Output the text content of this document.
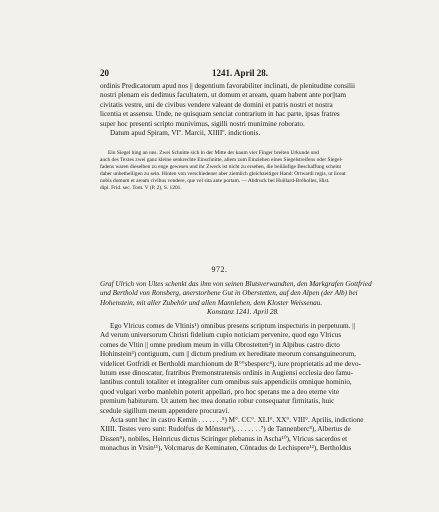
20	1241. April 28.

ordinis Predicatorum apud nos || degentium favorabiliter inclinati, de plenitudine consilii

nostri plenam eis dedimus facultatem, ut domum et aream, quam habent ante por||tam

civitatis vestre, uni de civibus vendere valeant de domini et patris nostri et nostra

licentia et assensu. Unde, ne quisquam senciat contrarium in hac parte, ipsas fratres

super hoc presenti scripto munivimus, sigilli nostri munimine roborato.

Datum apud Spiram, VIº. Marcii, XIIIIº. indictionis.

Ein Siegel hing an uns. Zwei Schnitte sich in der Mitte der kaum vier Finger breiten Urkunde und

auch des Textes zwei ganz kleine senkrechte Einschnitte, allem zum Einziehen eines Siegelstreifens oder Siegel-

fadens waren dieselben zu enge gewesen und ihr Zweck ist nicht zu ersehen, die beiläufige Beschaffung scheint

daher unbetheiligen zu sein. Hinten von verschiedener aber ziemlich gleichzeitiger Hand: Ortwardi regis, ut liceat

nobis domum et aream civibus vendere, que vel sita ante portam. — Abdruck bei Huillard-Bréholles, Hist.

dipl. Frid. sec. Tom. V (P. 2), S. 1201.

972.

Graf Ulrich von Ultes schenkt das ihm von seinen Blutsverwandten, den Markgrafen Gottfried

und Berthold von Ronsberg, anerstorbene Gut in Oberstetten, auf den Alpen (der Alb) bei

Hohenstein, mit aller Zubehör und allen Mannlehen, dem Kloster Weissenau.

Konstanz 1241. April 28.

Ego Vlricus comes de Vltinis¹) omnibus presens scriptum inspecturis in perpetuum. ||

Ad verum universorum Christi fidelium cupio noticiam pervenire, quod ego Vlricus

comes de Vltin || omne predium meum in villa Obrostetten²) in Alpibus castro dicto

Hohinstein³) contiguum, cum || dictum predium ex hereditate meorum consanguineorum,

videlicet Gotfridi et Bertholdi marchionum de R°°sbesperc⁴), iure proprietatis ad me devo-

lutum esse dinoscatur, fratribus Premonstratensis ordinis in Augiensi ecclesia deo famu-

lantibus contuli totaliter et integraliter cum omnibus suis appendiciis omnique hominio,

quod vulgari verbo manlehin poterit appellari, pro hoc sperans me a deo eterne vite

premium habiturum. Ut autem hec mea donatio robur consequatur firmitatis, huic

scedule sigillum meum appendere procuravi.

Acta sunt hec in castro Kemin . . . . . . .⁵) M°. CC°. XLI°. XX°. VIII°. Aprilis, indictione

XIIII. Testes vero sunt: Rudolfus de Mônster⁶), . . . . . . .⁷) de Tannenberc⁸), Albertus de

Dissen⁹), nobiles, Heinricus dictus Sciringer plebanus in Ascha¹⁰), Vlricus sacerdos et

monachus in Vrsin¹¹), Volcmarus de Keminaten, Cônradus de Lechispere¹²), Bertholdus
